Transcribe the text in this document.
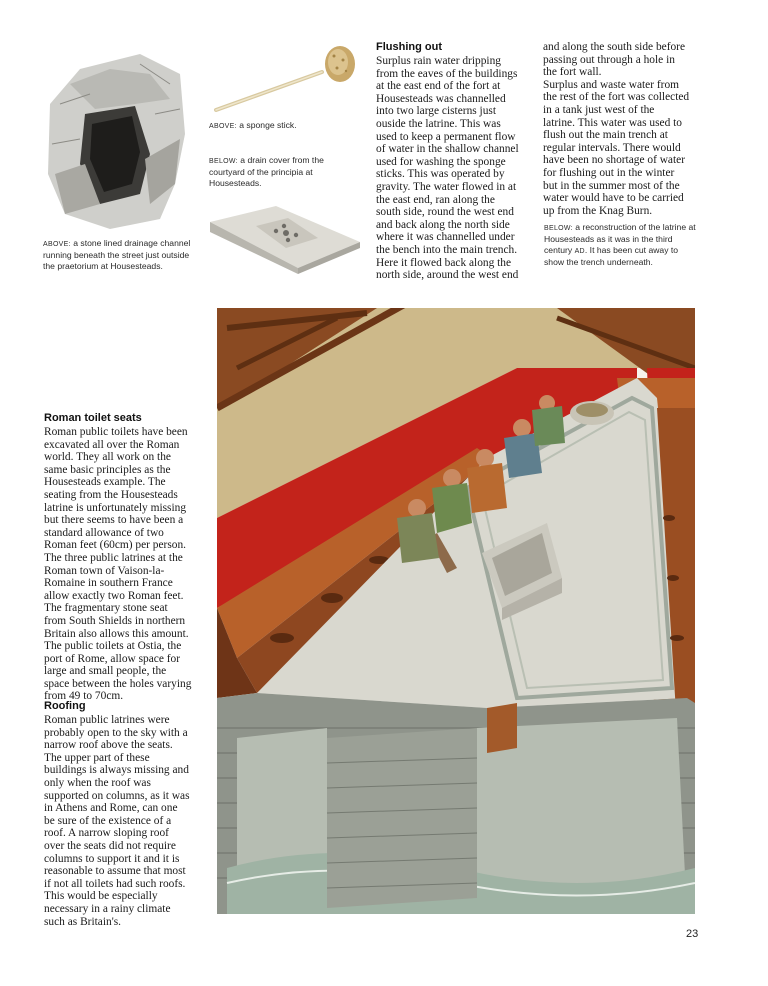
ABOVE: a sponge stick.
BELOW: a drain cover from the courtyard of the principia at Housesteads.
ABOVE: a stone lined drainage channel running beneath the street just outside the praetorium at Housesteads.
Flushing out
Surplus rain water dripping
from the eaves of the buildings
at the east end of the fort at
Housesteads was channelled
into two large cisterns just
ouside the latrine. This was
used to keep a permanent flow
of water in the shallow channel
used for washing the sponge
sticks. This was operated by
gravity. The water flowed in at
the east end, ran along the
south side, round the west end
and back along the north side
where it was channelled under
the bench into the main trench.
Here it flowed back along the
north side, around the west end
and along the south side before
passing out through a hole in
the fort wall.
Surplus and waste water from
the rest of the fort was collected
in a tank just west of the
latrine. This water was used to
flush out the main trench at
regular intervals. There would
have been no shortage of water
for flushing out in the winter
but in the summer most of the
water would have to be carried
up from the Knag Burn.
BELOW: a reconstruction of the latrine at Housesteads as it was in the third century AD. It has been cut away to show the trench underneath.
Roman toilet seats
Roman public toilets have been
excavated all over the Roman
world. They all work on the
same basic principles as the
Housesteads example. The
seating from the Housesteads
latrine is unfortunately missing
but there seems to have been a
standard allowance of two
Roman feet (60cm) per person.
The three public latrines at the
Roman town of Vaison-la-
Romaine in southern France
allow exactly two Roman feet.
The fragmentary stone seat
from South Shields in northern
Britain also allows this amount.
The public toilets at Ostia, the
port of Rome, allow space for
large and small people, the
space between the holes varying
from 49 to 70cm.
Roofing
Roman public latrines were
probably open to the sky with a
narrow roof above the seats.
The upper part of these
buildings is always missing and
only when the roof was
supported on columns, as it was
in Athens and Rome, can one
be sure of the existence of a
roof. A narrow sloping roof
over the seats did not require
columns to support it and it is
reasonable to assume that most
if not all toilets had such roofs.
This would be especially
necessary in a rainy climate
such as Britain's.
23
